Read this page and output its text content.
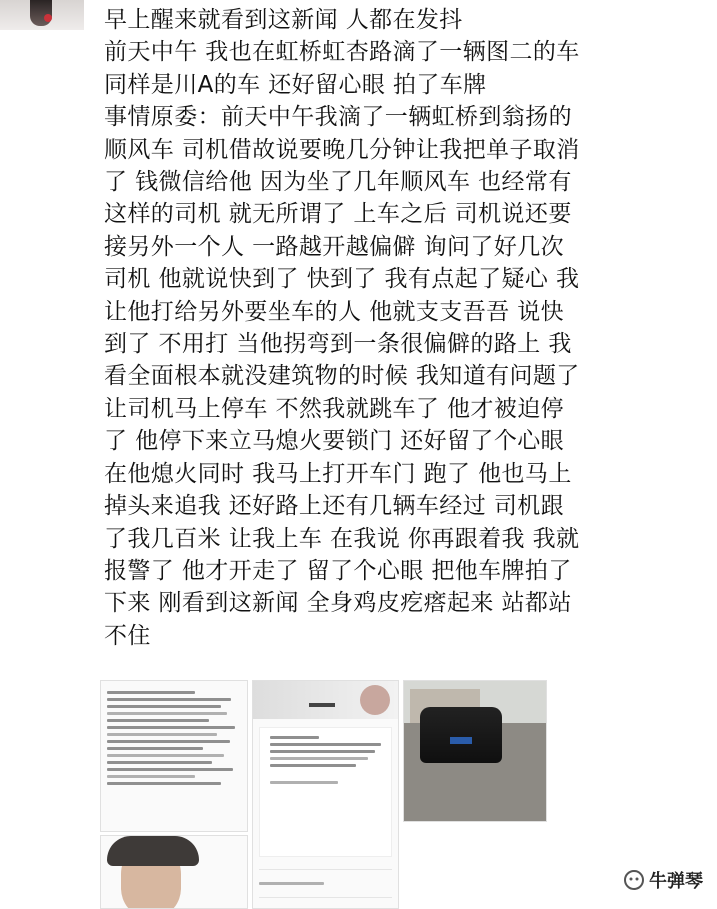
早上醒来就看到这新闻 人都在发抖
前天中午 我也在虹桥虹杏路滴了一辆图二的车
同样是川A的车 还好留心眼 拍了车牌
事情原委：前天中午我滴了一辆虹桥到翁扬的
顺风车 司机借故说要晚几分钟让我把单子取消
了 钱微信给他 因为坐了几年顺风车 也经常有
这样的司机 就无所谓了 上车之后 司机说还要
接另外一个人 一路越开越偏僻 询问了好几次
司机 他就说快到了 快到了 我有点起了疑心 我
让他打给另外要坐车的人 他就支支吾吾 说快
到了 不用打 当他拐弯到一条很偏僻的路上 我
看全面根本就没建筑物的时候 我知道有问题了
让司机马上停车 不然我就跳车了 他才被迫停
了 他停下来立马熄火要锁门 还好留了个心眼
在他熄火同时 我马上打开车门 跑了 他也马上
掉头来追我 还好路上还有几辆车经过 司机跟
了我几百米 让我上车 在我说 你再跟着我 我就
报警了 他才开走了 留了个心眼 把他车牌拍了
下来 刚看到这新闻 全身鸡皮疙瘩起来 站都站
不住
牛弹琴
